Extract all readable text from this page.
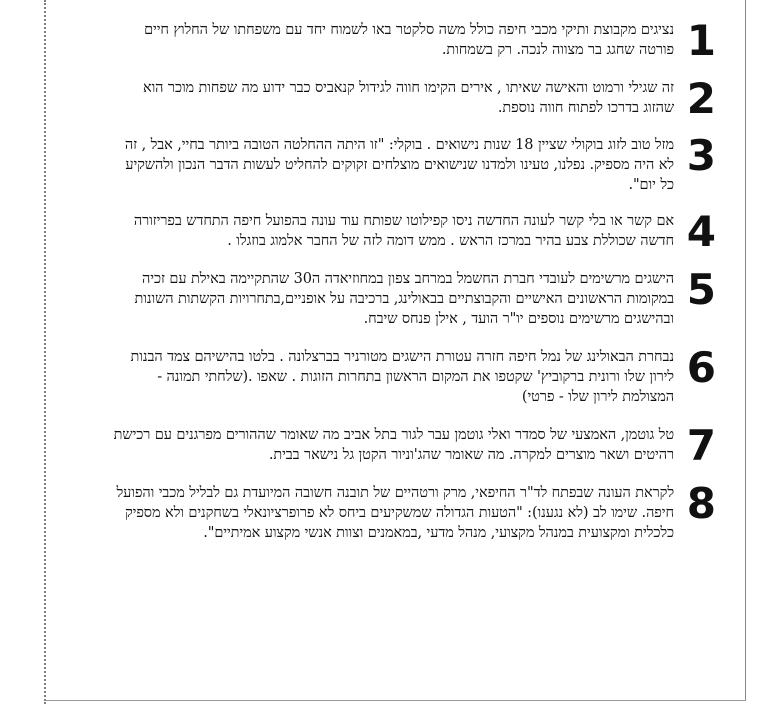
1

נציגים מקבוצת ותיקי מכבי חיפה כולל משה סלקטר באו לשמוח יחד עם משפחתו של החלוץ חיים פורטה שחגג בר מצווה לנכה. רק בשמחות.

2

זה שגילי ורמוט והאישה שאיתו , אירים הקימו חווה לגידול קנאביס כבר ידוע מה שפחות מוכר הוא שהזוג בדרכו לפתוח חווה נוספת.

3

מזל טוב לזוג בוקולי שציין 18 שנות נישואים . בוקלי: "זו היתה ההחלטה הטובה ביותר בחיי, אבל , זה לא היה מספיק. נפלנו, טעינו ולמדנו שנישואים מוצלחים זקוקים להחליט לעשות הדבר הנכון ולהשקיע כל יום".

4

אם קשר או בלי קשר לעונה החדשה ניסו קפילוטו שפותח עוד עונה בהפועל חיפה התחדש בפריזורה חדשה שכוללת צבע בהיר במרכז הראש . ממש דומה לזה של החבר אלמוג בוזגלו .

5

הישגים מרשימים לעובדי חברת החשמל במרחב צפון במחוזיאדה ה30 שהתקיימה באילת עם זכיה במקומות הראשונים האישיים והקבוצתיים בבאולינג, ברכיבה על אופניים,בתחרויות הקשתות השונות ובהישגים מרשימים נוספים יו"ר הועד , אילן פנחס שיבח.

6

נבחרת הבאולינג של נמל חיפה חזרה עטורת הישגים מטורניר בברצלונה . בלטו בהישיהם צמד הבנות לירון שלו ורונית ברקוביץ' שקטפו את המקום הראשון בתחרות הזוגות . שאפו .(שלחתי תמונה - המצולמת לירון שלו - פרטי)

7

טל גוטמן, האמצעי של סמדר ואלי גוטמן עבר לגור בתל אביב מה שאומר שההורים מפרגנים עם רכישת רהיטים ושאר מוצרים למקרה. מה שאומר שהג'וניור הקטן גל נישאר בבית.

8

לקראת העונה שבפתח לד"ר החיפאי, מרק ורטהיים של תובנה חשובה המיועדת גם לבליל מכבי והפועל חיפה. שימו לב (לא נגענו): "הטעות הגדולה שמשקיעים ביחס לא פרופרציונאלי בשחקנים ולא מספיק כלכלית ומקצועית במנהל מקצועי, מנהל מדעי ,במאמנים וצוות אנשי מקצוע אמיתיים".
